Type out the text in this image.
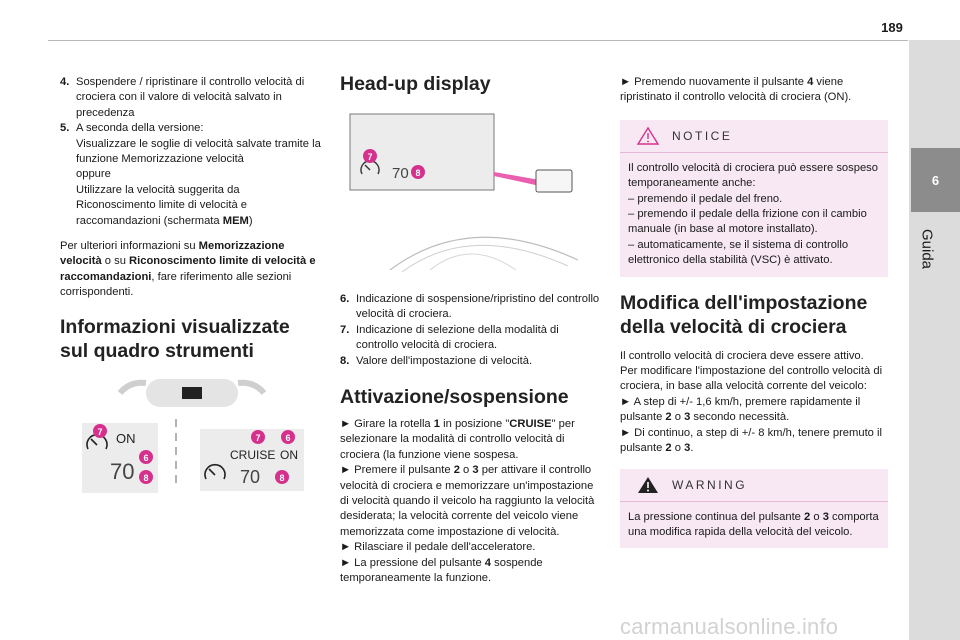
189
6
Guida
4. Sospendere / ripristinare il controllo velocità di crociera con il valore di velocità salvato in precedenza
5. A seconda della versione:
Visualizzare le soglie di velocità salvate tramite la funzione Memorizzazione velocità
oppure
Utilizzare la velocità suggerita da Riconoscimento limite di velocità e raccomandazioni (schermata MEM)

Per ulteriori informazioni su Memorizzazione velocità o su Riconoscimento limite di velocità e raccomandazioni, fare riferimento alle sezioni corrispondenti.

Informazioni visualizzate sul quadro strumenti
ON
70
7
6
8
CRUISE ON
70
7	6
8
Head-up display
70
7
8
6. Indicazione di sospensione/ripristino del controllo velocità di crociera.
7. Indicazione di selezione della modalità di controllo velocità di crociera.
8. Valore dell'impostazione di velocità.
Attivazione/sospensione

► Girare la rotella 1 in posizione "CRUISE" per selezionare la modalità di controllo velocità di crociera (la funzione viene sospesa.

► Premere il pulsante 2 o 3 per attivare il controllo velocità di crociera e memorizzare un'impostazione di velocità quando il veicolo ha raggiunto la velocità desiderata; la velocità corrente del veicolo viene memorizzata come impostazione di velocità.

► Rilasciare il pedale dell'acceleratore.

► La pressione del pulsante 4 sospende temporaneamente la funzione.

► Premendo nuovamente il pulsante 4 viene ripristinato il controllo velocità di crociera (ON).

NOTICE

Il controllo velocità di crociera può essere sospeso temporaneamente anche:

– premendo il pedale del freno.

– premendo il pedale della frizione con il cambio manuale (in base al motore installato).

– automaticamente, se il sistema di controllo elettronico della stabilità (VSC) è attivato.

Modifica dell'impostazione della velocità di crociera

Il controllo velocità di crociera deve essere attivo.

Per modificare l'impostazione del controllo velocità di crociera, in base alla velocità corrente del veicolo:

► A step di +/- 1,6 km/h, premere rapidamente il pulsante 2 o 3 secondo necessità.

► Di continuo, a step di +/- 8 km/h, tenere premuto il pulsante 2 o 3.

WARNING

La pressione continua del pulsante 2 o 3 comporta una modifica rapida della velocità del veicolo.

carmanualsonline.info
